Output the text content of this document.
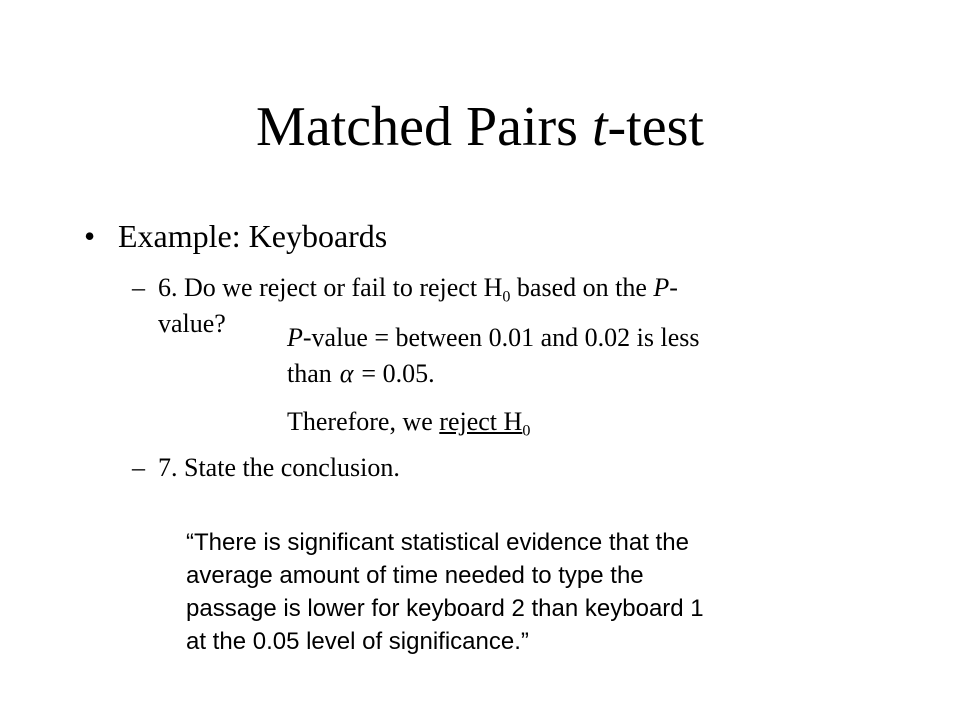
Matched Pairs t-test
• Example: Keyboards
– 6. Do we reject or fail to reject $H_0$ based on the P-
value?	P-value = between 0.01 and 0.02 is less
than α = 0.05.
Therefore, we reject $H_0$
– 7. State the conclusion.
“There is significant statistical evidence that the
average amount of time needed to type the
passage is lower for keyboard 2 than keyboard 1
at the 0.05 level of significance.”
